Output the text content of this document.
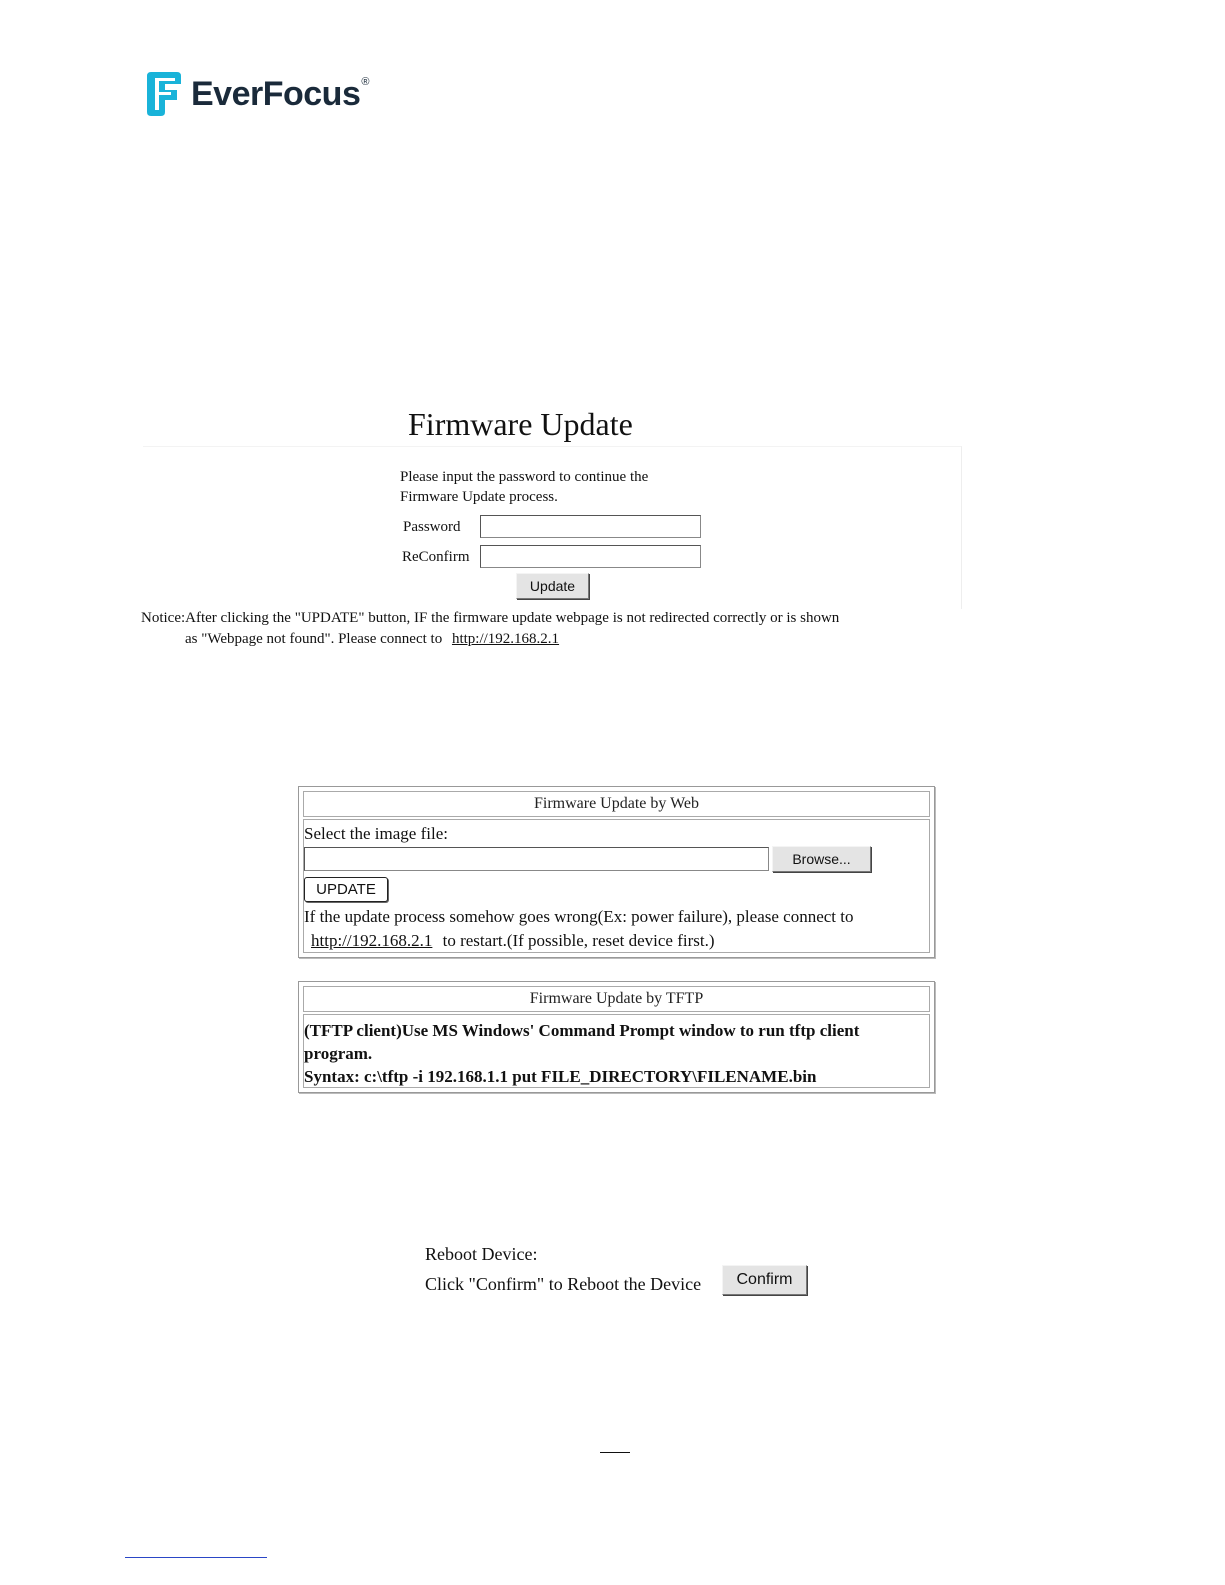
EverFocus ®
Firmware Update
Please input the password to continue the
Firmware Update process.
Password
ReConfirm
Update
Notice:After clicking the "UPDATE" button, IF the firmware update webpage is not redirected correctly or is shown
as "Webpage not found". Please connect to http://192.168.2.1
Firmware Update by Web
Select the image file:
Browse...
UPDATE
If the update process somehow goes wrong(Ex: power failure), please connect to
http://192.168.2.1 to restart.(If possible, reset device first.)
Firmware Update by TFTP
(TFTP client)Use MS Windows' Command Prompt window to run tftp client
program.
Syntax: c:\tftp -i 192.168.1.1 put FILE_DIRECTORY\FILENAME.bin
Reboot Device:
Click "Confirm" to Reboot the Device	Confirm
